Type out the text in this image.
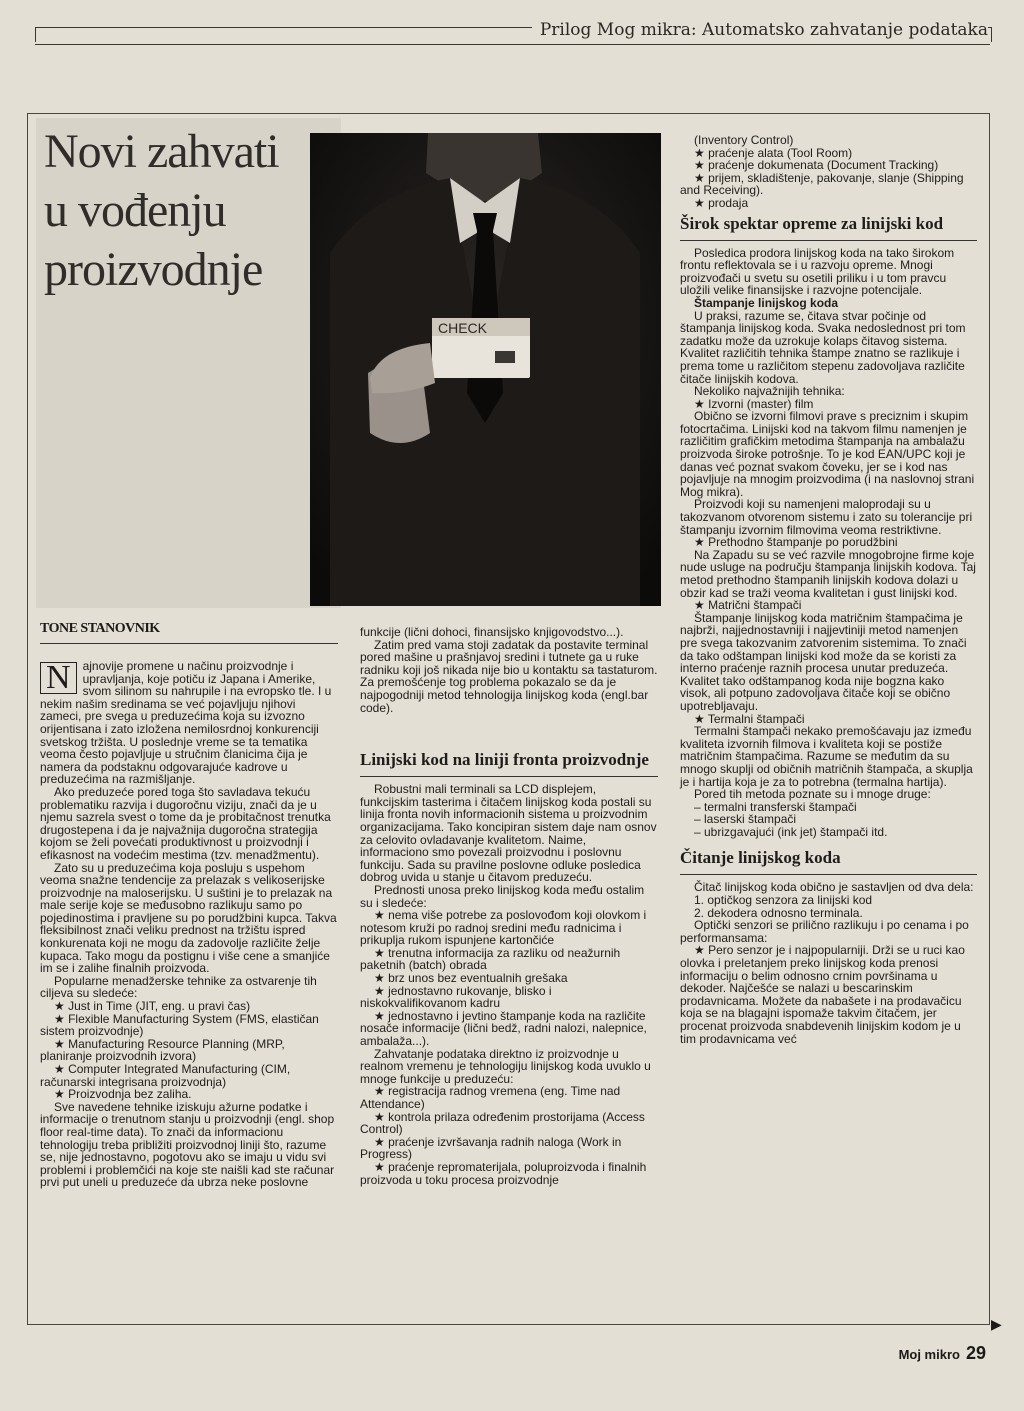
Prilog Mog mikra: Automatsko zahvatanje podataka
Novi zahvati
u vođenju
proizvodnje
CHECK
TONE STANOVNIK

N	ajnovije promene u načinu proizvodnje i upravljanja, koje potiču iz Japana i Amerike, svom silinom su nahrupile i na evropsko tle. I u nekim našim sredinama se već pojavljuju njihovi zameci, pre svega u preduzećima koja su izvozno orijentisana i zato izložena nemilosrdnoj konkurenciji svetskog tržišta. U poslednje vreme se ta tematika veoma često pojavljuje u stručnim članicima čija je namera da podstaknu odgovarajuće kadrove u preduzećima na razmišljanje.

Ako preduzeće pored toga što savladava tekuću problematiku razvija i dugoročnu viziju, znači da je u njemu sazrela svest o tome da je probitačnost trenutka drugostepena i da je najvažnija dugoročna strategija kojom se želi povećati produktivnost u proizvodnji i efikasnost na vodećim mestima (tzv. menadžmentu).

Zato su u preduzećima koja posluju s uspehom veoma snažne tendencije za prelazak s velikoserijske proizvodnje na maloserijsku. U suštini je to prelazak na male serije koje se međusobno razlikuju samo po pojedinostima i pravljene su po porudžbini kupca. Takva fleksibilnost znači veliku prednost na tržištu ispred konkurenata koji ne mogu da zadovolje različite želje kupaca. Tako mogu da postignu i više cene a smanjiće im se i zalihe finalnih proizvoda.

Popularne menadžerske tehnike za ostvarenje tih ciljeva su sledeće:

★ Just in Time (JIT, eng. u pravi čas)

★ Flexible Manufacturing System (FMS, elastičan sistem proizvodnje)

★ Manufacturing Resource Planning (MRP, planiranje proizvodnih izvora)

★ Computer Integrated Manufacturing (CIM, računarski integrisana proizvodnja)

★ Proizvodnja bez zaliha.

Sve navedene tehnike iziskuju ažurne podatke i informacije o trenutnom stanju u proizvodnji (engl. shop floor real-time data). To znači da informacionu tehnologiju treba približiti proizvodnoj liniji što, razume se, nije jednostavno, pogotovu ako se imaju u vidu svi problemi i problemčići na koje ste naišli kad ste računar prvi put uneli u preduzeće da ubrza neke poslovne

funkcije (lični dohoci, finansijsko knjigovodstvo...).

Zatim pred vama stoji zadatak da postavite terminal pored mašine u prašnjavoj sredini i tutnete ga u ruke radniku koji još nikada nije bio u kontaktu sa tastaturom. Za premošćenje tog problema pokazalo se da je najpogodniji metod tehnologija linijskog koda (engl.bar code).

Linijski kod na liniji fronta proizvodnje

Robustni mali terminali sa LCD displejem, funkcijskim tasterima i čitačem linijskog koda postali su linija fronta novih informacionih sistema u proizvodnim organizacijama. Tako koncipiran sistem daje nam osnov za celovito ovladavanje kvalitetom. Naime, informaciono smo povezali proizvodnu i poslovnu funkciju. Sada su pravilne poslovne odluke posledica dobrog uvida u stanje u čitavom preduzeću.

Prednosti unosa preko linijskog koda među ostalim su i sledeće:

★ nema više potrebe za poslovođom koji olovkom i notesom kruži po radnoj sredini među radnicima i prikuplja rukom ispunjene kartončiće

★ trenutna informacija za razliku od neažurnih paketnih (batch) obrada

★ brz unos bez eventualnih grešaka

★ jednostavno rukovanje, blisko i niskokvalifikovanom kadru

★ jednostavno i jevtino štampanje koda na različite nosače informacije (lični bedž, radni nalozi, nalepnice, ambalaža...).

Zahvatanje podataka direktno iz proizvodnje u realnom vremenu je tehnologiju linijskog koda uvuklo u mnoge funkcije u preduzeću:

★ registracija radnog vremena (eng. Time nad Attendance)

★ kontrola prilaza određenim prostorijama (Access Control)

★ praćenje izvršavanja radnih naloga (Work in Progress)

★ praćenje repromaterijala, poluproizvoda i finalnih proizvoda u toku procesa proizvodnje

(Inventory Control)

★ praćenje alata (Tool Room)

★ praćenje dokumenata (Document Tracking)

★ prijem, skladištenje, pakovanje, slanje (Shipping and Receiving).

★ prodaja

Širok spektar opreme za linijski kod

Posledica prodora linijskog koda na tako širokom frontu reflektovala se i u razvoju opreme. Mnogi proizvođači u svetu su osetili priliku i u tom pravcu uložili velike finansijske i razvojne potencijale.

Štampanje linijskog koda

U praksi, razume se, čitava stvar počinje od štampanja linijskog koda. Svaka nedoslednost pri tom zadatku može da uzrokuje kolaps čitavog sistema. Kvalitet različitih tehnika štampe znatno se razlikuje i prema tome u različitom stepenu zadovoljava različite čitače linijskih kodova.

Nekoliko najvažnijih tehnika:

★ Izvorni (master) film

Obično se izvorni filmovi prave s preciznim i skupim fotocrtačima. Linijski kod na takvom filmu namenjen je različitim grafičkim metodima štampanja na ambalažu proizvoda široke potrošnje. To je kod EAN/UPC koji je danas već poznat svakom čoveku, jer se i kod nas pojavljuje na mnogim proizvodima (i na naslovnoj strani Mog mikra).

Proizvodi koji su namenjeni maloprodaji su u takozvanom otvorenom sistemu i zato su tolerancije pri štampanju izvornim filmovima veoma restriktivne.

★ Prethodno štampanje po porudžbini

Na Zapadu su se već razvile mnogobrojne firme koje nude usluge na području štampanja linijskih kodova. Taj metod prethodno štampanih linijskih kodova dolazi u obzir kad se traži veoma kvalitetan i gust linijski kod.

★ Matrični štampači

Štampanje linijskog koda matričnim štampačima je najbrži, najjednostavniji i najjevtiniji metod namenjen pre svega takozvanim zatvorenim sistemima. To znači da tako odštampan linijski kod može da se koristi za interno praćenje raznih procesa unutar preduzeća. Kvalitet tako odštampanog koda nije bogzna kako visok, ali potpuno zadovoljava čitače koji se obično upotrebljavaju.

★ Termalni štampači

Termalni štampači nekako premošćavaju jaz između kvaliteta izvornih filmova i kvaliteta koji se postiže matričnim štampačima. Razume se međutim da su mnogo skuplji od običnih matričnih štampača, a skuplja je i hartija koja je za to potrebna (termalna hartija).

Pored tih metoda poznate su i mnoge druge:

– termalni transferski štampači

– laserski štampači

– ubrizgavajući (ink jet) štampači itd.

Čitanje linijskog koda

Čitač linijskog koda obično je sastavljen od dva dela:

1. optičkog senzora za linijski kod

2. dekodera odnosno terminala.

Optički senzori se prilično razlikuju i po cenama i po performansama:

★ Pero senzor je i najpopularniji. Drži se u ruci kao olovka i preletanjem preko linijskog koda prenosi informaciju o belim odnosno crnim površinama u dekoder. Najčešće se nalazi u bescarinskim prodavnicama. Možete da nabašete i na prodavačicu koja se na blagajni ispomaže takvim čitačem, jer procenat proizvoda snabdevenih linijskim kodom je u tim prodavnicama već

▶
Moj mikro 29
